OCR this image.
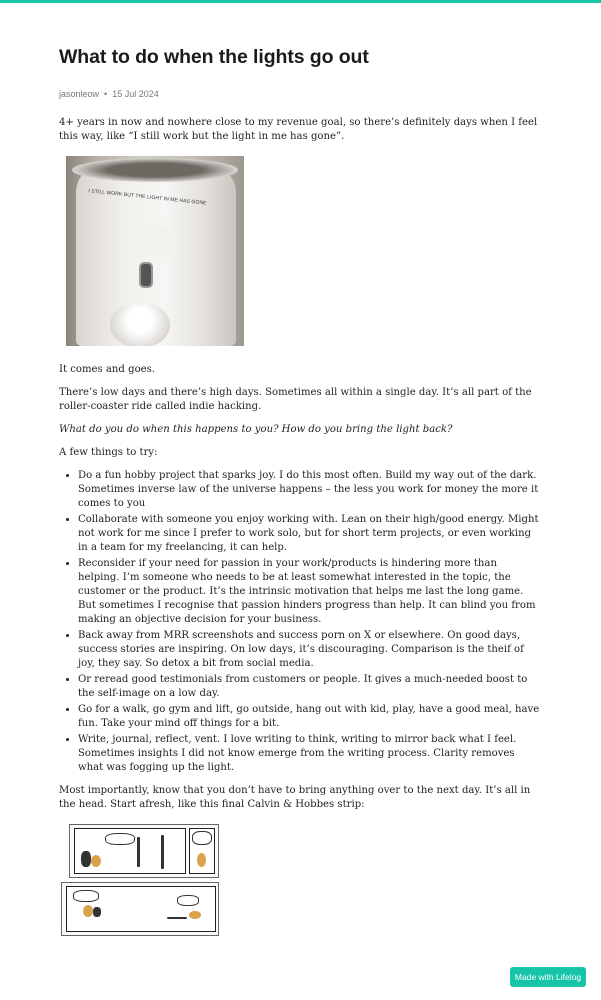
What to do when the lights go out
jasonleow • 15 Jul 2024

4+ years in now and nowhere close to my revenue goal, so there’s definitely days when I feel this way, like “I still work but the light in me has gone”.

I STILL WORK BUT THE LIGHT IN ME HAS GONE

It comes and goes.

There’s low days and there’s high days. Sometimes all within a single day. It’s all part of the roller-coaster ride called indie hacking.

What do you do when this happens to you? How do you bring the light back?

A few things to try:

• Do a fun hobby project that sparks joy. I do this most often. Build my way out of the dark. Sometimes inverse law of the universe happens – the less you work for money the more it comes to you
• Collaborate with someone you enjoy working with. Lean on their high/good energy. Might not work for me since I prefer to work solo, but for short term projects, or even working in a team for my freelancing, it can help.
• Reconsider if your need for passion in your work/products is hindering more than helping. I’m someone who needs to be at least somewhat interested in the topic, the customer or the product. It’s the intrinsic motivation that helps me last the long game. But sometimes I recognise that passion hinders progress than help. It can blind you from making an objective decision for your business.
• Back away from MRR screenshots and success porn on X or elsewhere. On good days, success stories are inspiring. On low days, it’s discouraging. Comparison is the theif of joy, they say. So detox a bit from social media.
• Or reread good testimonials from customers or people. It gives a much-needed boost to the self-image on a low day.
• Go for a walk, go gym and lift, go outside, hang out with kid, play, have a good meal, have fun. Take your mind off things for a bit.
• Write, journal, reflect, vent. I love writing to think, writing to mirror back what I feel. Sometimes insights I did not know emerge from the writing process. Clarity removes what was fogging up the light.

Most importantly, know that you don’t have to bring anything over to the next day. It’s all in the head. Start afresh, like this final Calvin & Hobbes strip:

Made with Lifelog
